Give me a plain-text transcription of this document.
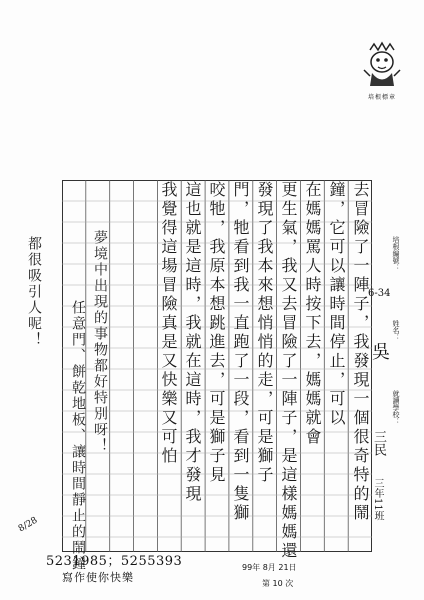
培根標章
培根編號：
6-34
姓名：
吳
就讀學校：
三民
三年11班
去冒險了一陣子，我發現一個很奇特的鬧
鐘，它可以讓時間停止，可以
在媽媽罵人時按下去，媽媽就會
更生氣，我又去冒險了一陣子，是這樣媽媽還
發現了我本來想悄悄的走，可是獅子
門，牠看到我一直跑了一段，看到一隻獅
咬牠，我原本想跳進去，可是獅子見
這也就是這時，我就在這時，我才發現
我覺得這場冒險真是又快樂又可怕
夢境中出現的事物都好特別呀！
任意門、餅乾地板、讓時間靜止的鬧鐘
都很吸引人呢！
8/28
99年 8月 21日
第 10 次
5231985；5255393
寫作使你快樂
